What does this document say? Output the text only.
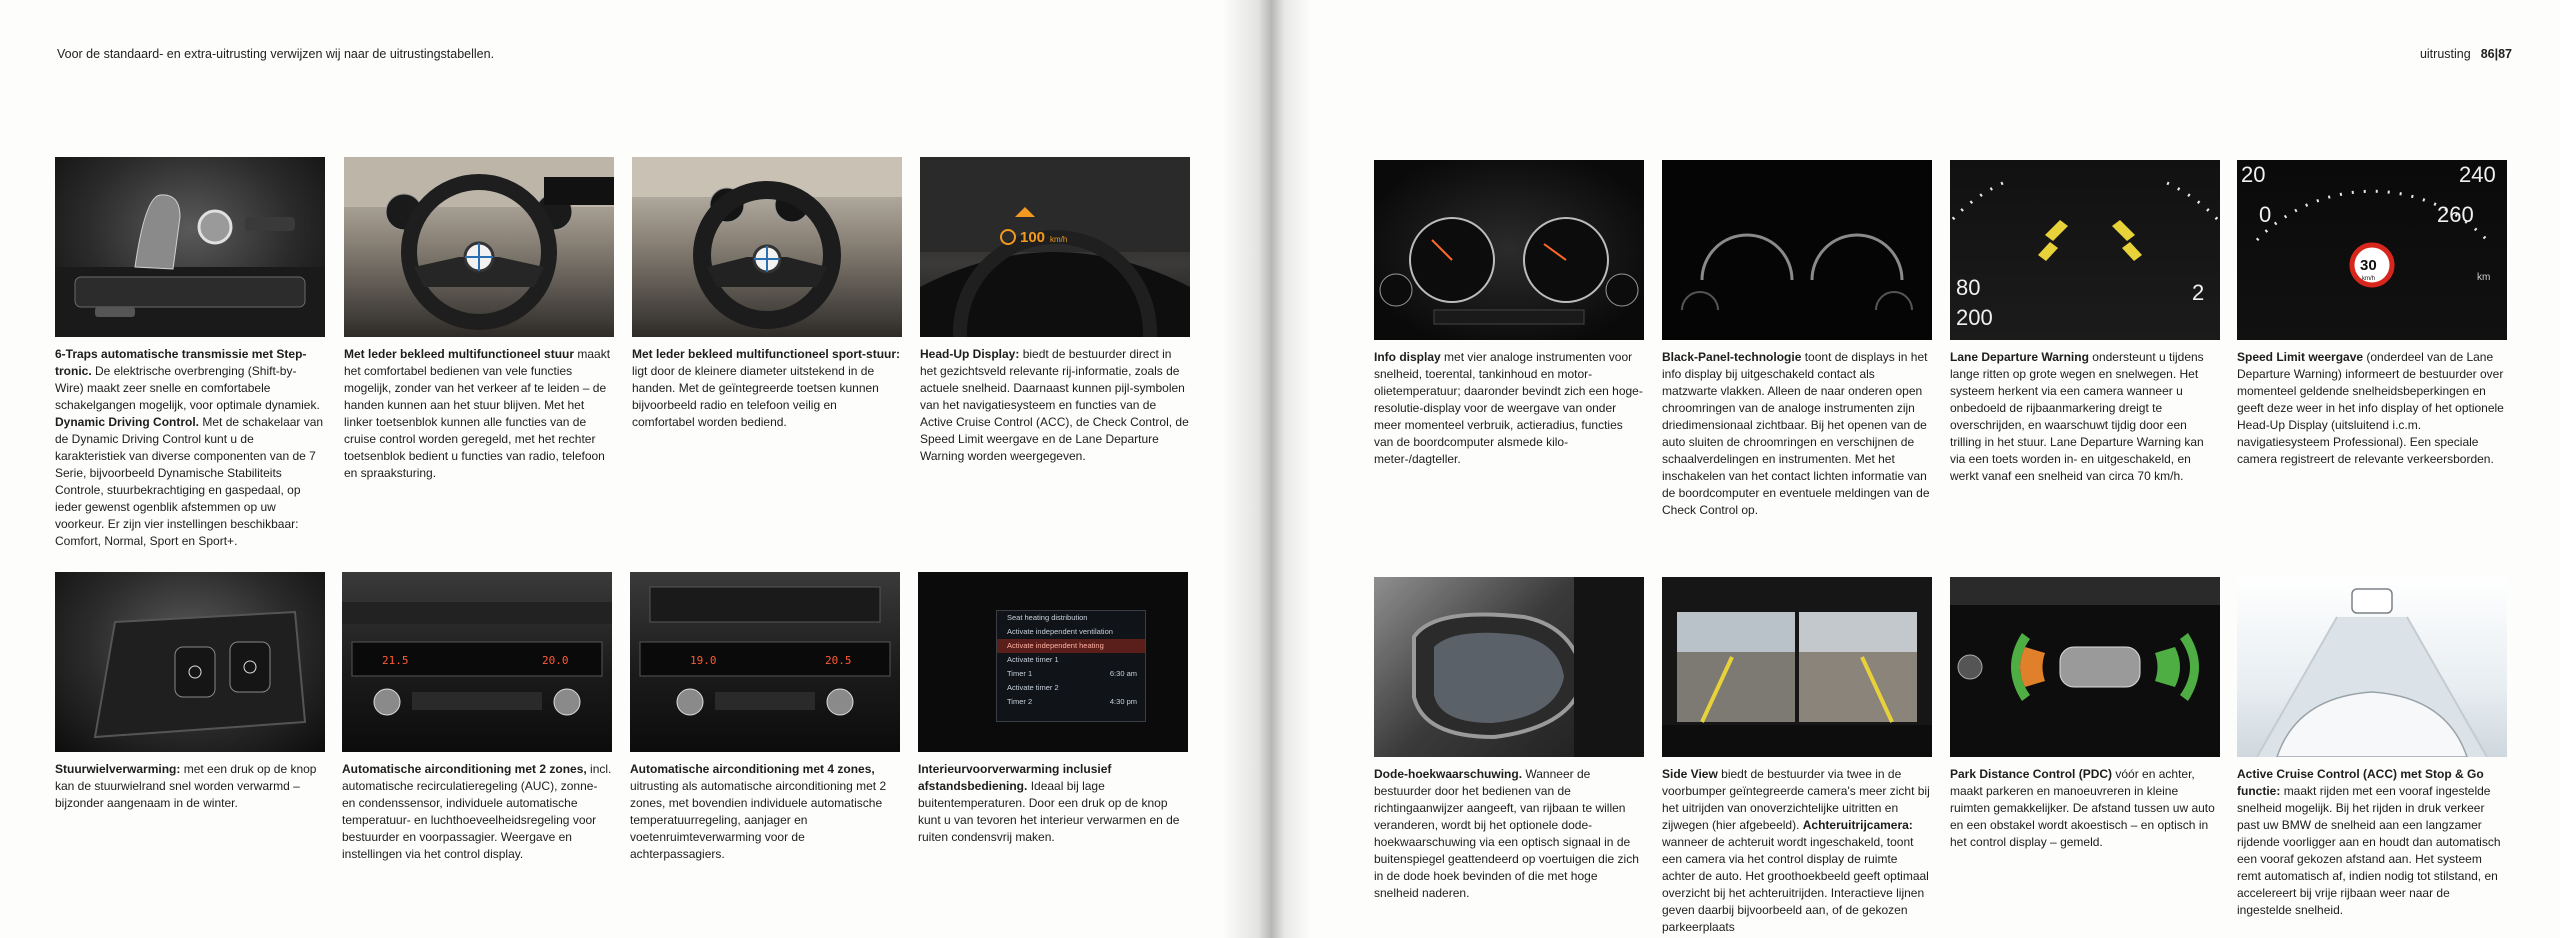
Voor de standaard- en extra-uitrusting verwijzen wij naar de uitrustingstabellen.	uitrusting 86|87
6-Traps automatische transmissie met Step-tronic. De elektrische overbrenging (Shift-by-Wire) maakt zeer snelle en comfortabele schakelgangen mogelijk, voor optimale dynamiek. Dynamic Driving Control. Met de schakelaar van de Dynamic Driving Control kunt u de karakteristiek van diverse componenten van de 7 Serie, bijvoorbeeld Dynamische Stabiliteits Controle, stuurbekrachtiging en gaspedaal, op ieder gewenst ogenblik afstemmen op uw voorkeur. Er zijn vier instellingen beschikbaar: Comfort, Normal, Sport en Sport+.
Met leder bekleed multifunctioneel stuur maakt het comfortabel bedienen van vele functies mogelijk, zonder van het verkeer af te leiden – de handen kunnen aan het stuur blijven. Met het linker toetsenblok kunnen alle functies van de cruise control worden geregeld, met het rechter toetsenblok bedient u functies van radio, telefoon en spraaksturing.
Met leder bekleed multifunctioneel sport-stuur: ligt door de kleinere diameter uitstekend in de handen. Met de geïntegreerde toetsen kunnen bijvoorbeeld radio en telefoon veilig en comfortabel worden bediend.
100 km/h
Head-Up Display: biedt de bestuurder direct in het gezichtsveld relevante rij-informatie, zoals de actuele snelheid. Daarnaast kunnen pijl-symbolen van het navigatiesysteem en functies van de Active Cruise Control (ACC), de Check Control, de Speed Limit weergave en de Lane Departure Warning worden weergegeven.
Stuurwielverwarming: met een druk op de knop kan de stuurwielrand snel worden verwarmd – bijzonder aangenaam in de winter.
21.5	20.0
Automatische airconditioning met 2 zones, incl. automatische recirculatieregeling (AUC), zonne- en condenssensor, individuele automatische temperatuur- en luchthoeveelheidsregeling voor bestuurder en voorpassagier. Weergave en instellingen via het control display.
19.0	20.5
Automatische airconditioning met 4 zones, uitrusting als automatische airconditioning met 2 zones, met bovendien individuele automatische temperatuurregeling, aanjager en voetenruimteverwarming voor de achterpassagiers.
Seat heating distribution
Activate independent ventilation
Activate independent heating
Activate timer 1
Timer 1	6:30 am
Activate timer 2
Timer 2	4:30 pm
Interieurvoorverwarming inclusief afstandsbediening. Ideaal bij lage buitentemperaturen. Door een druk op de knop kunt u van tevoren het interieur verwarmen en de ruiten condensvrij maken.
Info display met vier analoge instrumenten voor snelheid, toerental, tankinhoud en motor-olietemperatuur; daaronder bevindt zich een hoge-resolutie-display voor de weergave van onder meer momenteel verbruik, actieradius, functies van de boordcomputer alsmede kilo-meter-/dagteller.
Black-Panel-technologie toont de displays in het info display bij uitgeschakeld contact als matzwarte vlakken. Alleen de naar onderen open chroomringen van de analoge instrumenten zijn driedimensionaal zichtbaar. Bij het openen van de auto sluiten de chroomringen en verschijnen de schaalverdelingen en instrumenten. Met het inschakelen van het contact lichten informatie van de boordcomputer en eventuele meldingen van de Check Control op.
80
200
2
Lane Departure Warning ondersteunt u tijdens lange ritten op grote wegen en snelwegen. Het systeem herkent via een camera wanneer u onbedoeld de rijbaanmarkering dreigt te overschrijden, en waarschuwt tijdig door een trilling in het stuur. Lane Departure Warning kan via een toets worden in- en uitgeschakeld, en werkt vanaf een snelheid van circa 70 km/h.
20
0
240
260
30
km/h	km
Speed Limit weergave (onderdeel van de Lane Departure Warning) informeert de bestuurder over momenteel geldende snelheidsbeperkingen en geeft deze weer in het info display of het optionele Head-Up Display (uitsluitend i.c.m. navigatiesysteem Professional). Een speciale camera registreert de relevante verkeersborden.
Dode-hoekwaarschuwing. Wanneer de bestuurder door het bedienen van de richtingaanwijzer aangeeft, van rijbaan te willen veranderen, wordt bij het optionele dode-hoekwaarschuwing via een optisch signaal in de buitenspiegel geattendeerd op voertuigen die zich in de dode hoek bevinden of die met hoge snelheid naderen.
Side View biedt de bestuurder via twee in de voorbumper geïntegreerde camera's meer zicht bij het uitrijden van onoverzichtelijke uitritten en zijwegen (hier afgebeeld). Achteruitrijcamera: wanneer de achteruit wordt ingeschakeld, toont een camera via het control display de ruimte achter de auto. Het groothoekbeeld geeft optimaal overzicht bij het achteruitrijden. Interactieve lijnen geven daarbij bijvoorbeeld aan, of de gekozen parkeerplaats
Park Distance Control (PDC) vóór en achter, maakt parkeren en manoeuvreren in kleine ruimten gemakkelijker. De afstand tussen uw auto en een obstakel wordt akoestisch – en optisch in het control display – gemeld.
Active Cruise Control (ACC) met Stop & Go functie: maakt rijden met een vooraf ingestelde snelheid mogelijk. Bij het rijden in druk verkeer past uw BMW de snelheid aan een langzamer rijdende voorligger aan en houdt dan automatisch een vooraf gekozen afstand aan. Het systeem remt automatisch af, indien nodig tot stilstand, en accelereert bij vrije rijbaan weer naar de ingestelde snelheid.
